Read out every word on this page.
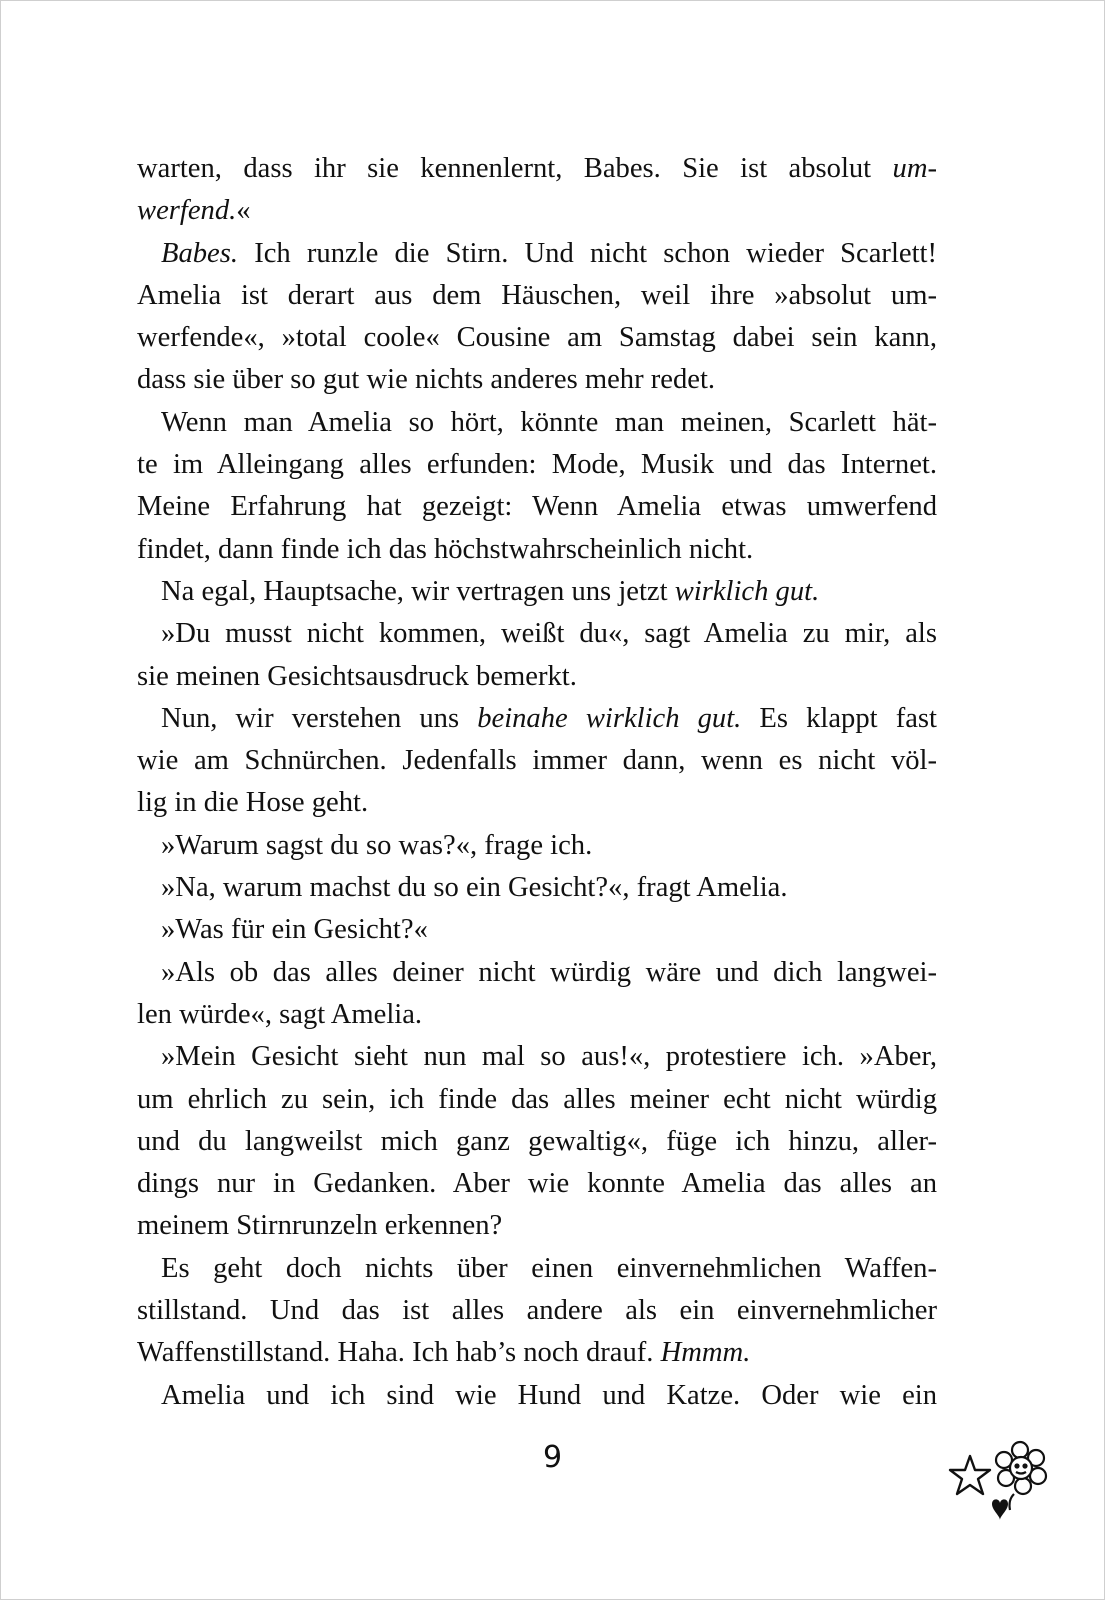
warten, dass ihr sie kennenlernt, Babes. Sie ist absolut um-
werfend.«
Babes. Ich runzle die Stirn. Und nicht schon wieder Scarlett!
Amelia ist derart aus dem Häuschen, weil ihre »absolut um-
werfende«, »total coole« Cousine am Samstag dabei sein kann,
dass sie über so gut wie nichts anderes mehr redet.
Wenn man Amelia so hört, könnte man meinen, Scarlett hät-
te im Alleingang alles erfunden: Mode, Musik und das Internet.
Meine Erfahrung hat gezeigt: Wenn Amelia etwas umwerfend
findet, dann finde ich das höchstwahrscheinlich nicht.
Na egal, Hauptsache, wir vertragen uns jetzt wirklich gut.
»Du musst nicht kommen, weißt du«, sagt Amelia zu mir, als
sie meinen Gesichtsausdruck bemerkt.
Nun, wir verstehen uns beinahe wirklich gut. Es klappt fast
wie am Schnürchen. Jedenfalls immer dann, wenn es nicht völ-
lig in die Hose geht.
»Warum sagst du so was?«, frage ich.
»Na, warum machst du so ein Gesicht?«, fragt Amelia.
»Was für ein Gesicht?«
»Als ob das alles deiner nicht würdig wäre und dich langwei-
len würde«, sagt Amelia.
»Mein Gesicht sieht nun mal so aus!«, protestiere ich. »Aber,
um ehrlich zu sein, ich finde das alles meiner echt nicht würdig
und du langweilst mich ganz gewaltig«, füge ich hinzu, aller-
dings nur in Gedanken. Aber wie konnte Amelia das alles an
meinem Stirnrunzeln erkennen?
Es geht doch nichts über einen einvernehmlichen Waffen-
stillstand. Und das ist alles andere als ein einvernehmlicher
Waffenstillstand. Haha. Ich hab’s noch drauf. Hmmm.
Amelia und ich sind wie Hund und Katze. Oder wie ein
9
